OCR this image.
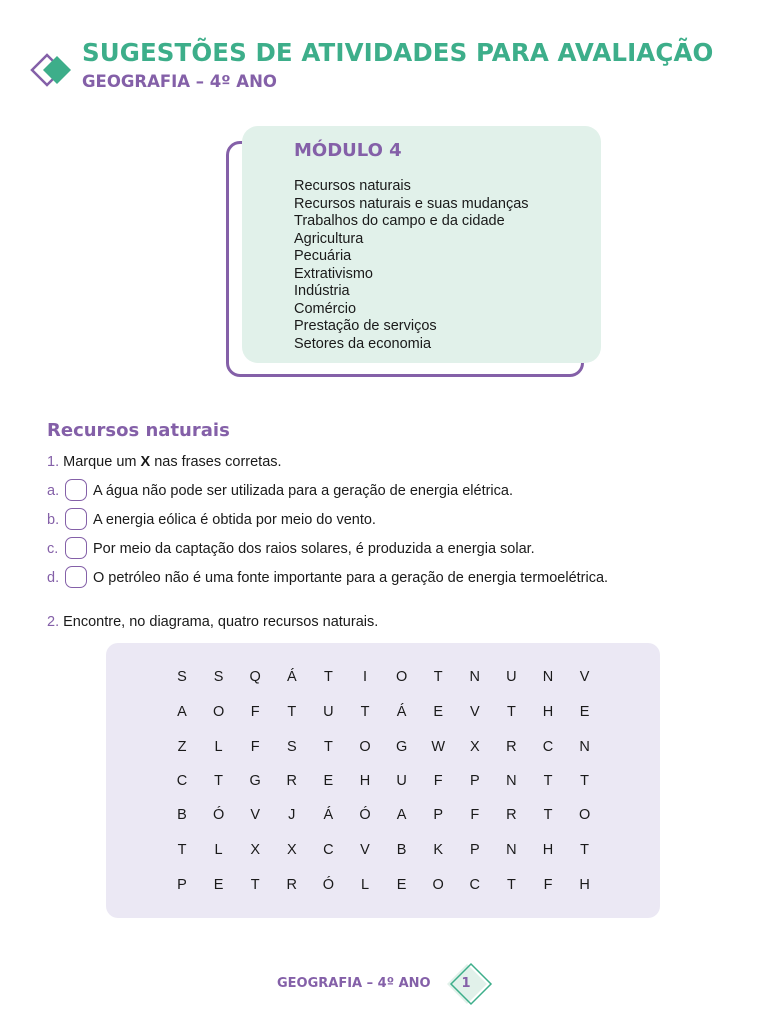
SUGESTÕES DE ATIVIDADES PARA AVALIAÇÃO
GEOGRAFIA – 4º ANO
MÓDULO 4
Recursos naturais
Recursos naturais e suas mudanças
Trabalhos do campo e da cidade
Agricultura
Pecuária
Extrativismo
Indústria
Comércio
Prestação de serviços
Setores da economia
Recursos naturais
1. Marque um X nas frases corretas.
a. A água não pode ser utilizada para a geração de energia elétrica.
b. A energia eólica é obtida por meio do vento.
c. Por meio da captação dos raios solares, é produzida a energia solar.
d. O petróleo não é uma fonte importante para a geração de energia termoelétrica.
2. Encontre, no diagrama, quatro recursos naturais.
S	S	Q	Á	T	I	O	T	N	U	N	V
A	O	F	T	U	T	Á	E	V	T	H	E
Z	L	F	S	T	O	G	W	X	R	C	N
C	T	G	R	E	H	U	F	P	N	T	T
B	Ó	V	J	Á	Ó	A	P	F	R	T	O
T	L	X	X	C	V	B	K	P	N	H	T
P	E	T	R	Ó	L	E	O	C	T	F	H
GEOGRAFIA – 4º ANO	1
